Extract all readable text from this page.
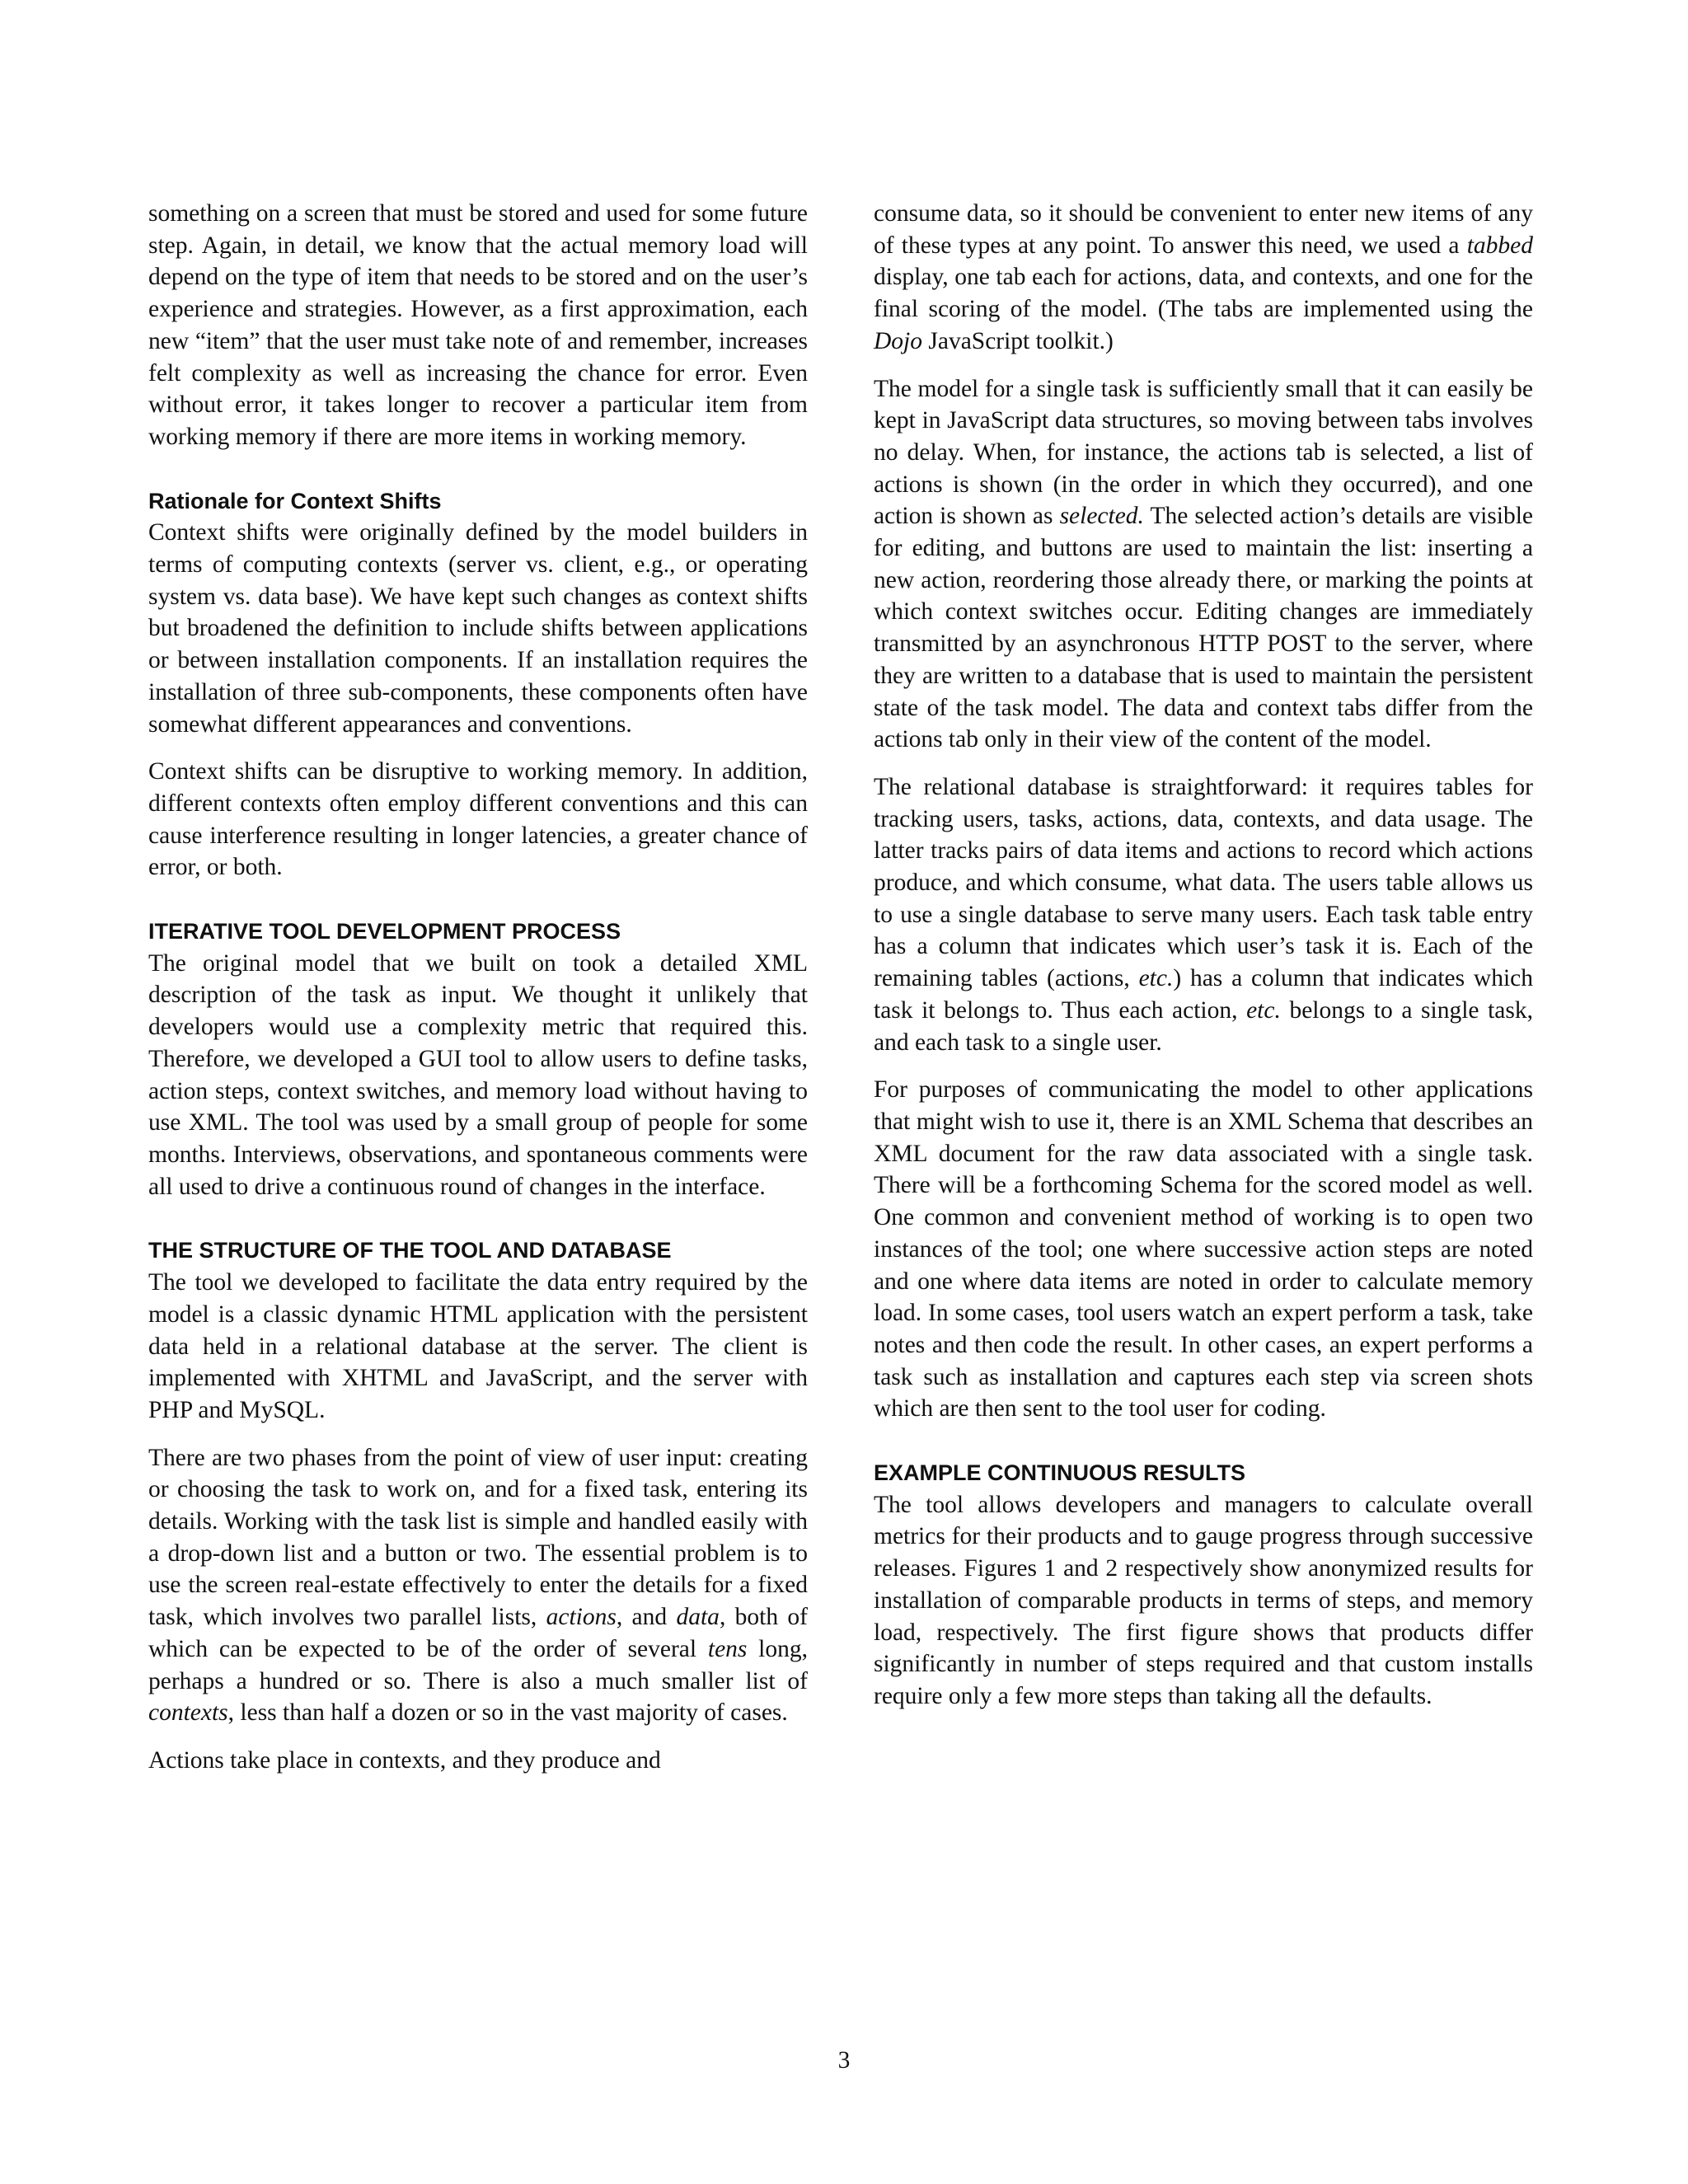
something on a screen that must be stored and used for some future step. Again, in detail, we know that the actual memory load will depend on the type of item that needs to be stored and on the user’s experience and strategies. However, as a first approximation, each new “item” that the user must take note of and remember, increases felt complexity as well as increasing the chance for error. Even without error, it takes longer to recover a particular item from working memory if there are more items in working memory.

Rationale for Context Shifts

Context shifts were originally defined by the model builders in terms of computing contexts (server vs. client, e.g., or operating system vs. data base). We have kept such changes as context shifts but broadened the definition to include shifts between applications or between installation components. If an installation requires the installation of three sub-components, these components often have somewhat different appearances and conventions.

Context shifts can be disruptive to working memory. In addition, different contexts often employ different conventions and this can cause interference resulting in longer latencies, a greater chance of error, or both.

ITERATIVE TOOL DEVELOPMENT PROCESS

The original model that we built on took a detailed XML description of the task as input. We thought it unlikely that developers would use a complexity metric that required this. Therefore, we developed a GUI tool to allow users to define tasks, action steps, context switches, and memory load without having to use XML. The tool was used by a small group of people for some months. Interviews, observations, and spontaneous comments were all used to drive a continuous round of changes in the interface.

THE STRUCTURE OF THE TOOL AND DATABASE

The tool we developed to facilitate the data entry required by the model is a classic dynamic HTML application with the persistent data held in a relational database at the server. The client is implemented with XHTML and JavaScript, and the server with PHP and MySQL.

There are two phases from the point of view of user input: creating or choosing the task to work on, and for a fixed task, entering its details. Working with the task list is simple and handled easily with a drop-down list and a button or two. The essential problem is to use the screen real-estate effectively to enter the details for a fixed task, which involves two parallel lists, actions, and data, both of which can be expected to be of the order of several tens long, perhaps a hundred or so. There is also a much smaller list of contexts, less than half a dozen or so in the vast majority of cases.

Actions take place in contexts, and they produce and

consume data, so it should be convenient to enter new items of any of these types at any point. To answer this need, we used a tabbed display, one tab each for actions, data, and contexts, and one for the final scoring of the model. (The tabs are implemented using the Dojo JavaScript toolkit.)

The model for a single task is sufficiently small that it can easily be kept in JavaScript data structures, so moving between tabs involves no delay. When, for instance, the actions tab is selected, a list of actions is shown (in the order in which they occurred), and one action is shown as selected. The selected action’s details are visible for editing, and buttons are used to maintain the list: inserting a new action, reordering those already there, or marking the points at which context switches occur. Editing changes are immediately transmitted by an asynchronous HTTP POST to the server, where they are written to a database that is used to maintain the persistent state of the task model. The data and context tabs differ from the actions tab only in their view of the content of the model.

The relational database is straightforward: it requires tables for tracking users, tasks, actions, data, contexts, and data usage. The latter tracks pairs of data items and actions to record which actions produce, and which consume, what data. The users table allows us to use a single database to serve many users. Each task table entry has a column that indicates which user’s task it is. Each of the remaining tables (actions, etc.) has a column that indicates which task it belongs to. Thus each action, etc. belongs to a single task, and each task to a single user.

For purposes of communicating the model to other applications that might wish to use it, there is an XML Schema that describes an XML document for the raw data associated with a single task. There will be a forthcoming Schema for the scored model as well. One common and convenient method of working is to open two instances of the tool; one where successive action steps are noted and one where data items are noted in order to calculate memory load. In some cases, tool users watch an expert perform a task, take notes and then code the result. In other cases, an expert performs a task such as installation and captures each step via screen shots which are then sent to the tool user for coding.

EXAMPLE CONTINUOUS RESULTS

The tool allows developers and managers to calculate overall metrics for their products and to gauge progress through successive releases. Figures 1 and 2 respectively show anonymized results for installation of comparable products in terms of steps, and memory load, respectively. The first figure shows that products differ significantly in number of steps required and that custom installs require only a few more steps than taking all the defaults.

3
